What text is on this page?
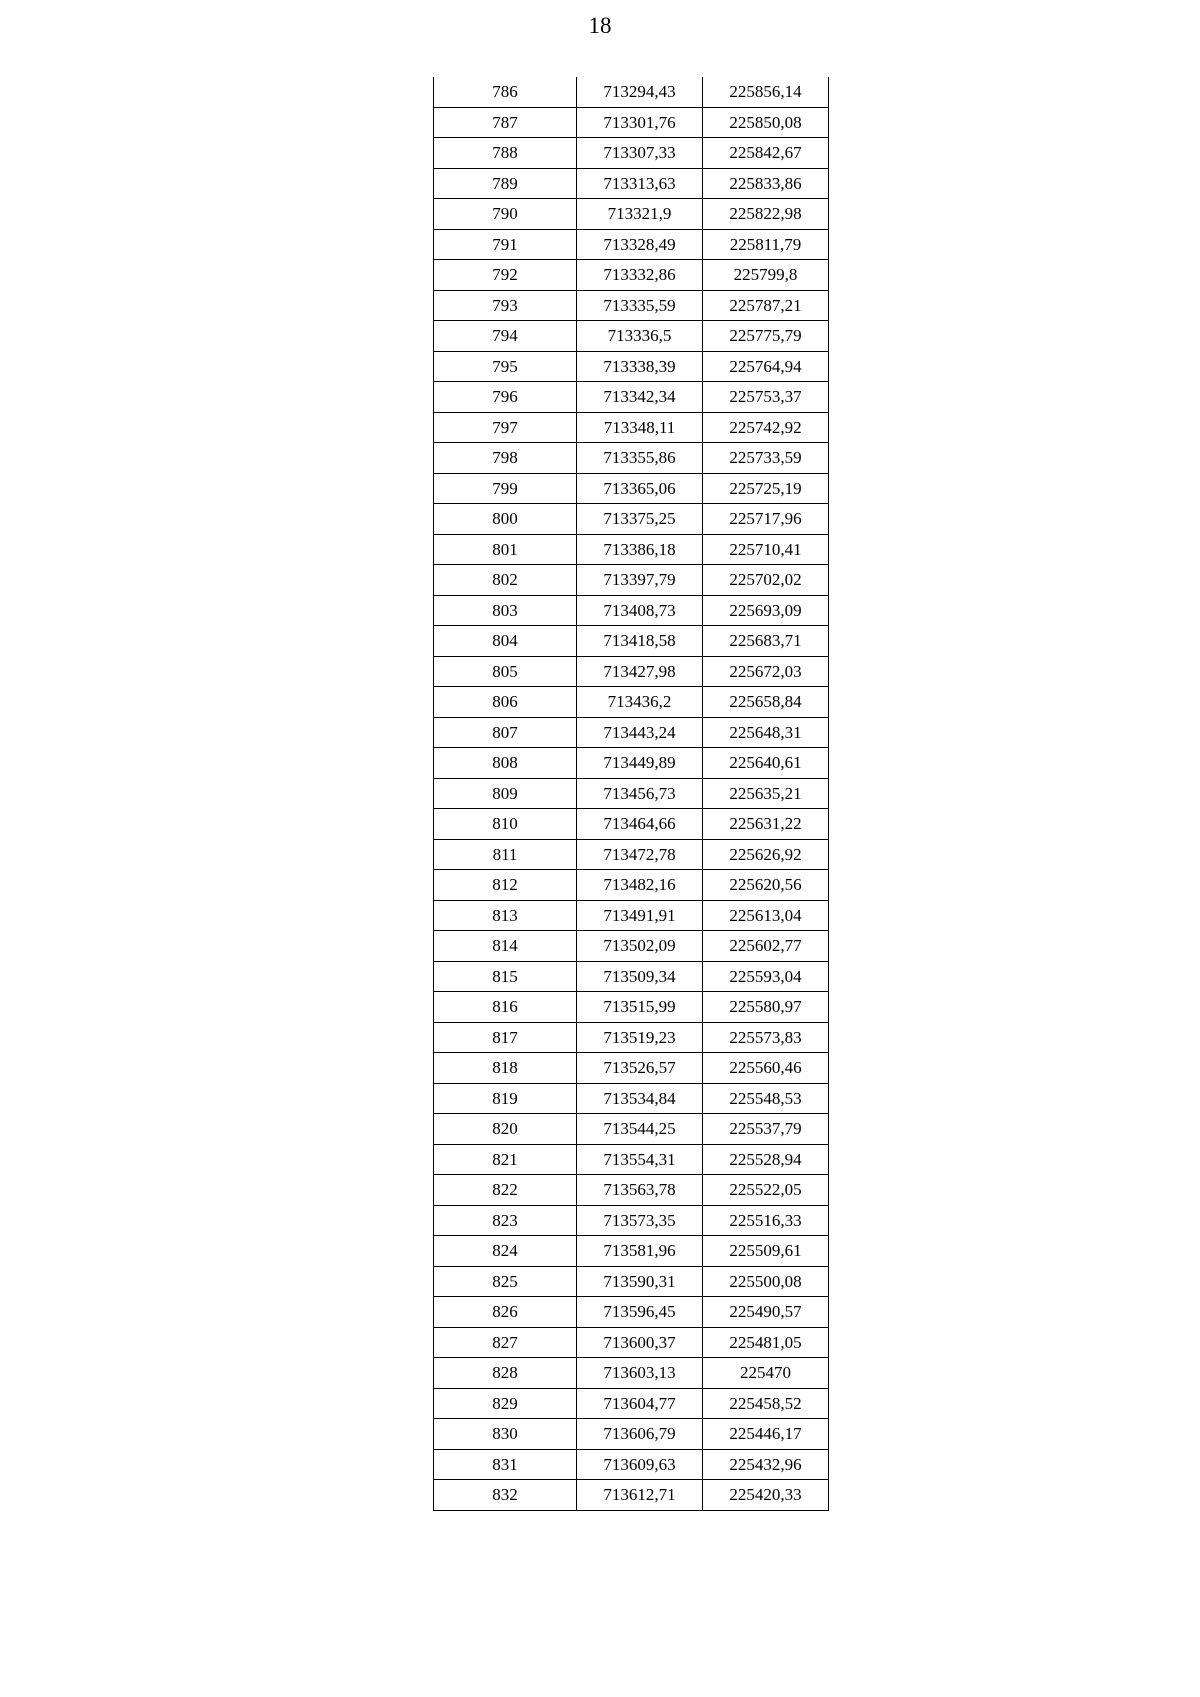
18
786	713294,43	225856,14
787	713301,76	225850,08
788	713307,33	225842,67
789	713313,63	225833,86
790	713321,9	225822,98
791	713328,49	225811,79
792	713332,86	225799,8
793	713335,59	225787,21
794	713336,5	225775,79
795	713338,39	225764,94
796	713342,34	225753,37
797	713348,11	225742,92
798	713355,86	225733,59
799	713365,06	225725,19
800	713375,25	225717,96
801	713386,18	225710,41
802	713397,79	225702,02
803	713408,73	225693,09
804	713418,58	225683,71
805	713427,98	225672,03
806	713436,2	225658,84
807	713443,24	225648,31
808	713449,89	225640,61
809	713456,73	225635,21
810	713464,66	225631,22
811	713472,78	225626,92
812	713482,16	225620,56
813	713491,91	225613,04
814	713502,09	225602,77
815	713509,34	225593,04
816	713515,99	225580,97
817	713519,23	225573,83
818	713526,57	225560,46
819	713534,84	225548,53
820	713544,25	225537,79
821	713554,31	225528,94
822	713563,78	225522,05
823	713573,35	225516,33
824	713581,96	225509,61
825	713590,31	225500,08
826	713596,45	225490,57
827	713600,37	225481,05
828	713603,13	225470
829	713604,77	225458,52
830	713606,79	225446,17
831	713609,63	225432,96
832	713612,71	225420,33
